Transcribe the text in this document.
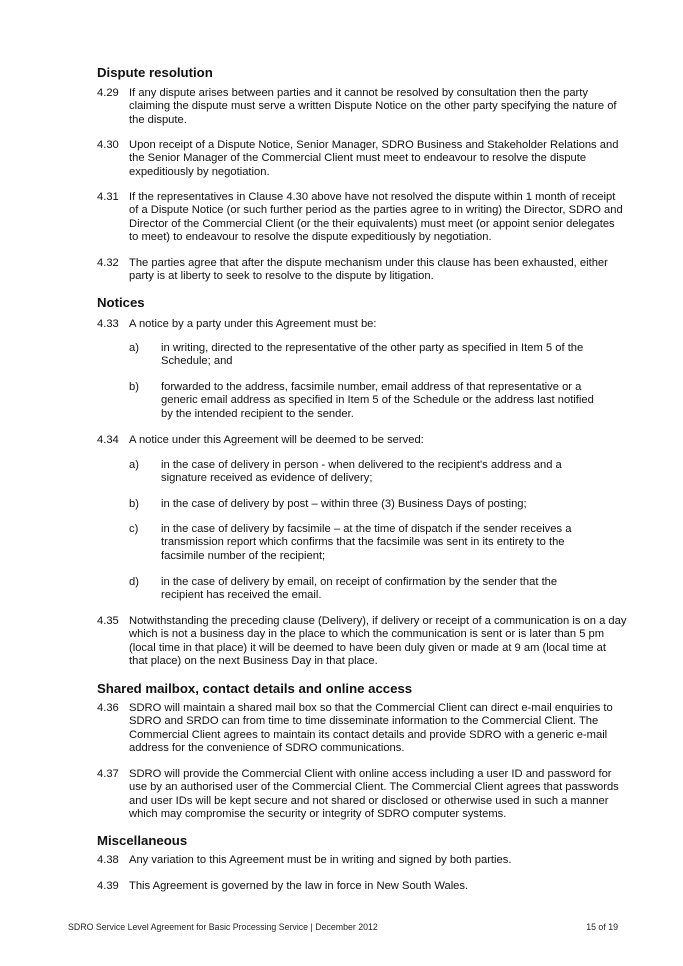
Dispute resolution
4.29 If any dispute arises between parties and it cannot be resolved by consultation then the party claiming the dispute must serve a written Dispute Notice on the other party specifying the nature of the dispute.
4.30 Upon receipt of a Dispute Notice, Senior Manager, SDRO Business and Stakeholder Relations and the Senior Manager of the Commercial Client must meet to endeavour to resolve the dispute expeditiously by negotiation.
4.31 If the representatives in Clause 4.30 above have not resolved the dispute within 1 month of receipt of a Dispute Notice (or such further period as the parties agree to in writing) the Director, SDRO and Director of the Commercial Client (or the their equivalents) must meet (or appoint senior delegates to meet) to endeavour to resolve the dispute expeditiously by negotiation.
4.32 The parties agree that after the dispute mechanism under this clause has been exhausted, either party is at liberty to seek to resolve to the dispute by litigation.
Notices
4.33 A notice by a party under this Agreement must be:
a)	in writing, directed to the representative of the other party as specified in Item 5 of the Schedule; and
b)	forwarded to the address, facsimile number, email address of that representative or a generic email address as specified in Item 5 of the Schedule or the address last notified by the intended recipient to the sender.
4.34 A notice under this Agreement will be deemed to be served:
a)	in the case of delivery in person - when delivered to the recipient's address and a signature received as evidence of delivery;
b)	in the case of delivery by post – within three (3) Business Days of posting;
c)	in the case of delivery by facsimile – at the time of dispatch if the sender receives a transmission report which confirms that the facsimile was sent in its entirety to the facsimile number of the recipient;
d)	in the case of delivery by email, on receipt of confirmation by the sender that the recipient has received the email.
4.35 Notwithstanding the preceding clause (Delivery), if delivery or receipt of a communication is on a day which is not a business day in the place to which the communication is sent or is later than 5 pm (local time in that place) it will be deemed to have been duly given or made at 9 am (local time at that place) on the next Business Day in that place.
Shared mailbox, contact details and online access
4.36 SDRO will maintain a shared mail box so that the Commercial Client can direct e-mail enquiries to SDRO and SRDO can from time to time disseminate information to the Commercial Client. The Commercial Client agrees to maintain its contact details and provide SDRO with a generic e-mail address for the convenience of SDRO communications.
4.37 SDRO will provide the Commercial Client with online access including a user ID and password for use by an authorised user of the Commercial Client. The Commercial Client agrees that passwords and user IDs will be kept secure and not shared or disclosed or otherwise used in such a manner which may compromise the security or integrity of SDRO computer systems.
Miscellaneous
4.38 Any variation to this Agreement must be in writing and signed by both parties.
4.39 This Agreement is governed by the law in force in New South Wales.
SDRO Service Level Agreement for Basic Processing Service | December 2012	15 of 19
